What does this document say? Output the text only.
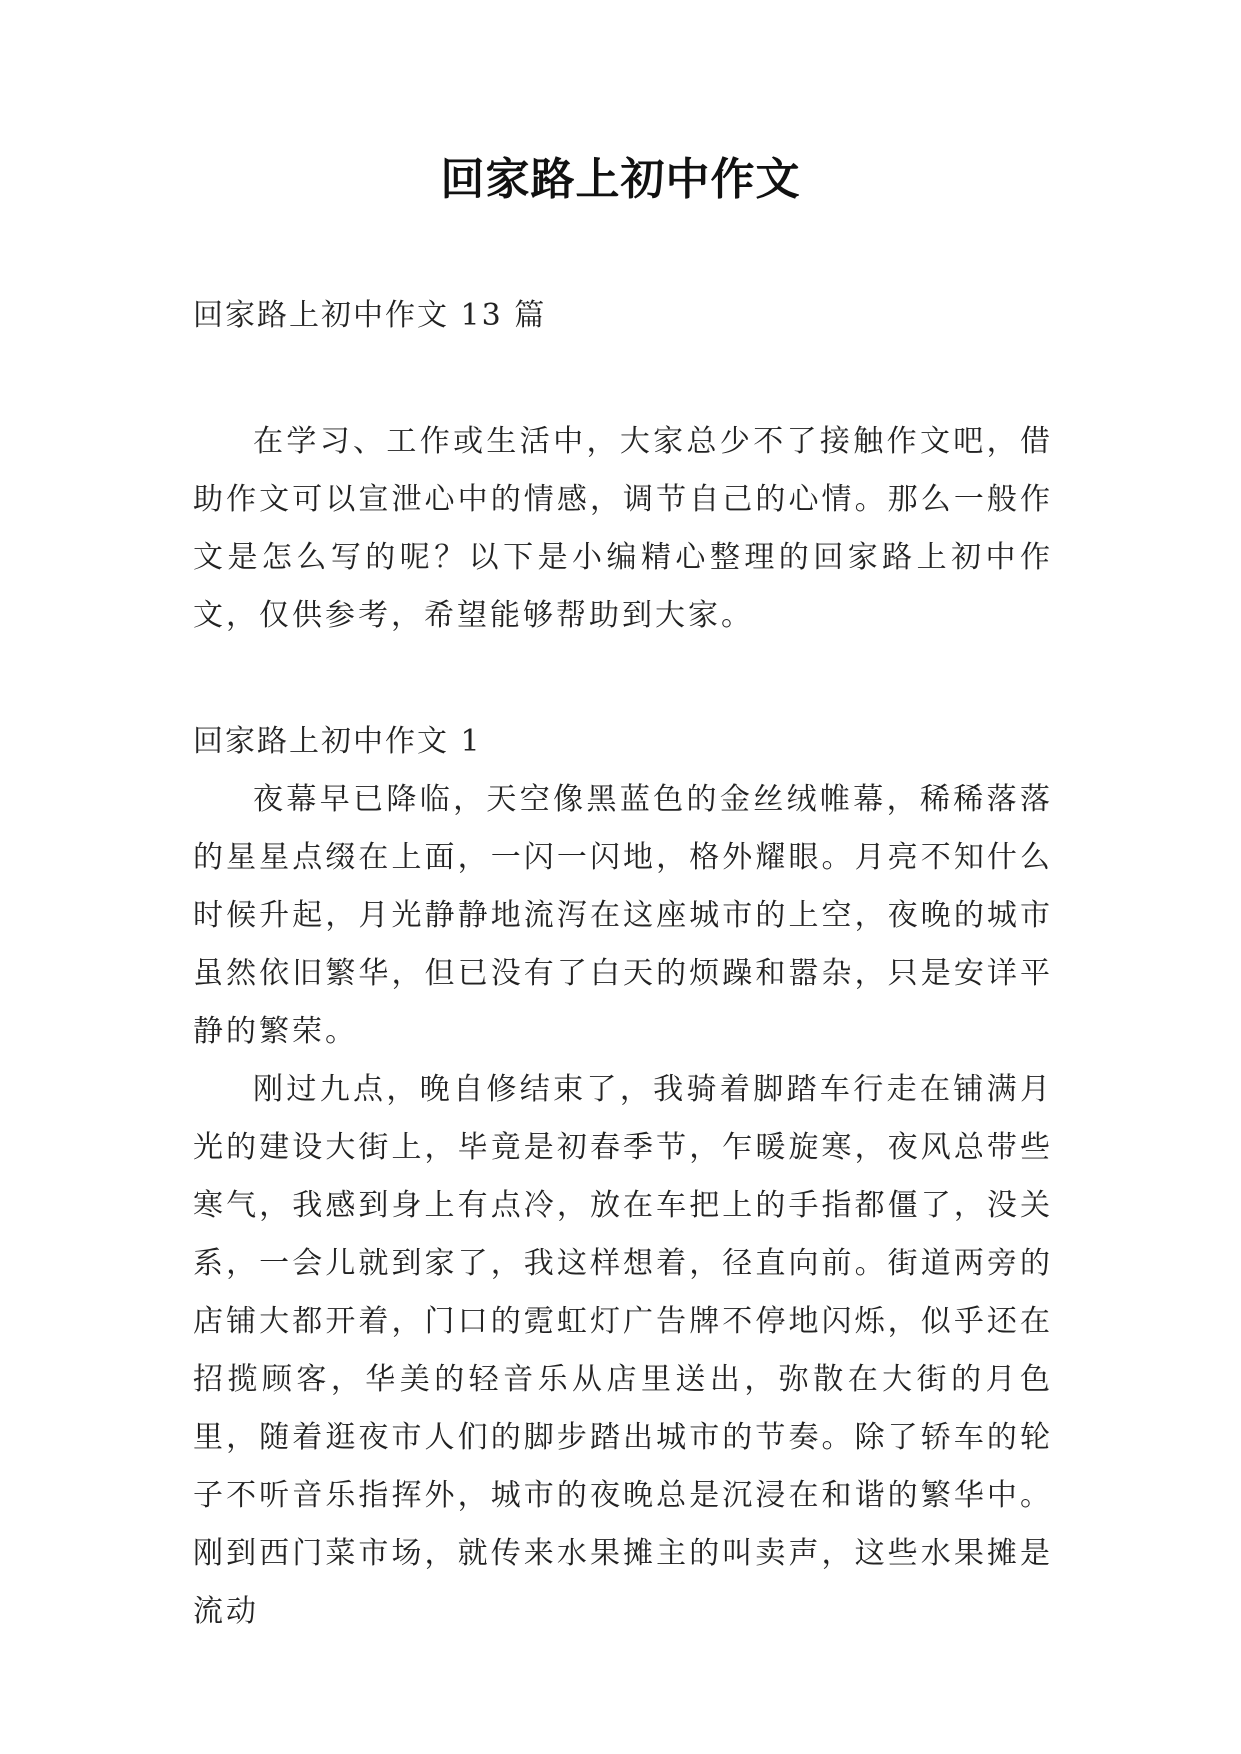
回家路上初中作文

回家路上初中作文 13 篇

在学习、工作或生活中，大家总少不了接触作文吧，借助作文可以宣泄心中的情感，调节自己的心情。那么一般作文是怎么写的呢？以下是小编精心整理的回家路上初中作文，仅供参考，希望能够帮助到大家。

回家路上初中作文 1

夜幕早已降临，天空像黑蓝色的金丝绒帷幕，稀稀落落的星星点缀在上面，一闪一闪地，格外耀眼。月亮不知什么时候升起，月光静静地流泻在这座城市的上空，夜晚的城市虽然依旧繁华，但已没有了白天的烦躁和嚣杂，只是安详平静的繁荣。

刚过九点，晚自修结束了，我骑着脚踏车行走在铺满月光的建设大街上，毕竟是初春季节，乍暖旋寒，夜风总带些寒气，我感到身上有点冷，放在车把上的手指都僵了，没关系，一会儿就到家了，我这样想着，径直向前。街道两旁的店铺大都开着，门口的霓虹灯广告牌不停地闪烁，似乎还在招揽顾客，华美的轻音乐从店里送出，弥散在大街的月色里，随着逛夜市人们的脚步踏出城市的节奏。除了轿车的轮子不听音乐指挥外，城市的夜晚总是沉浸在和谐的繁华中。刚到西门菜市场，就传来水果摊主的叫卖声，这些水果摊是流动
